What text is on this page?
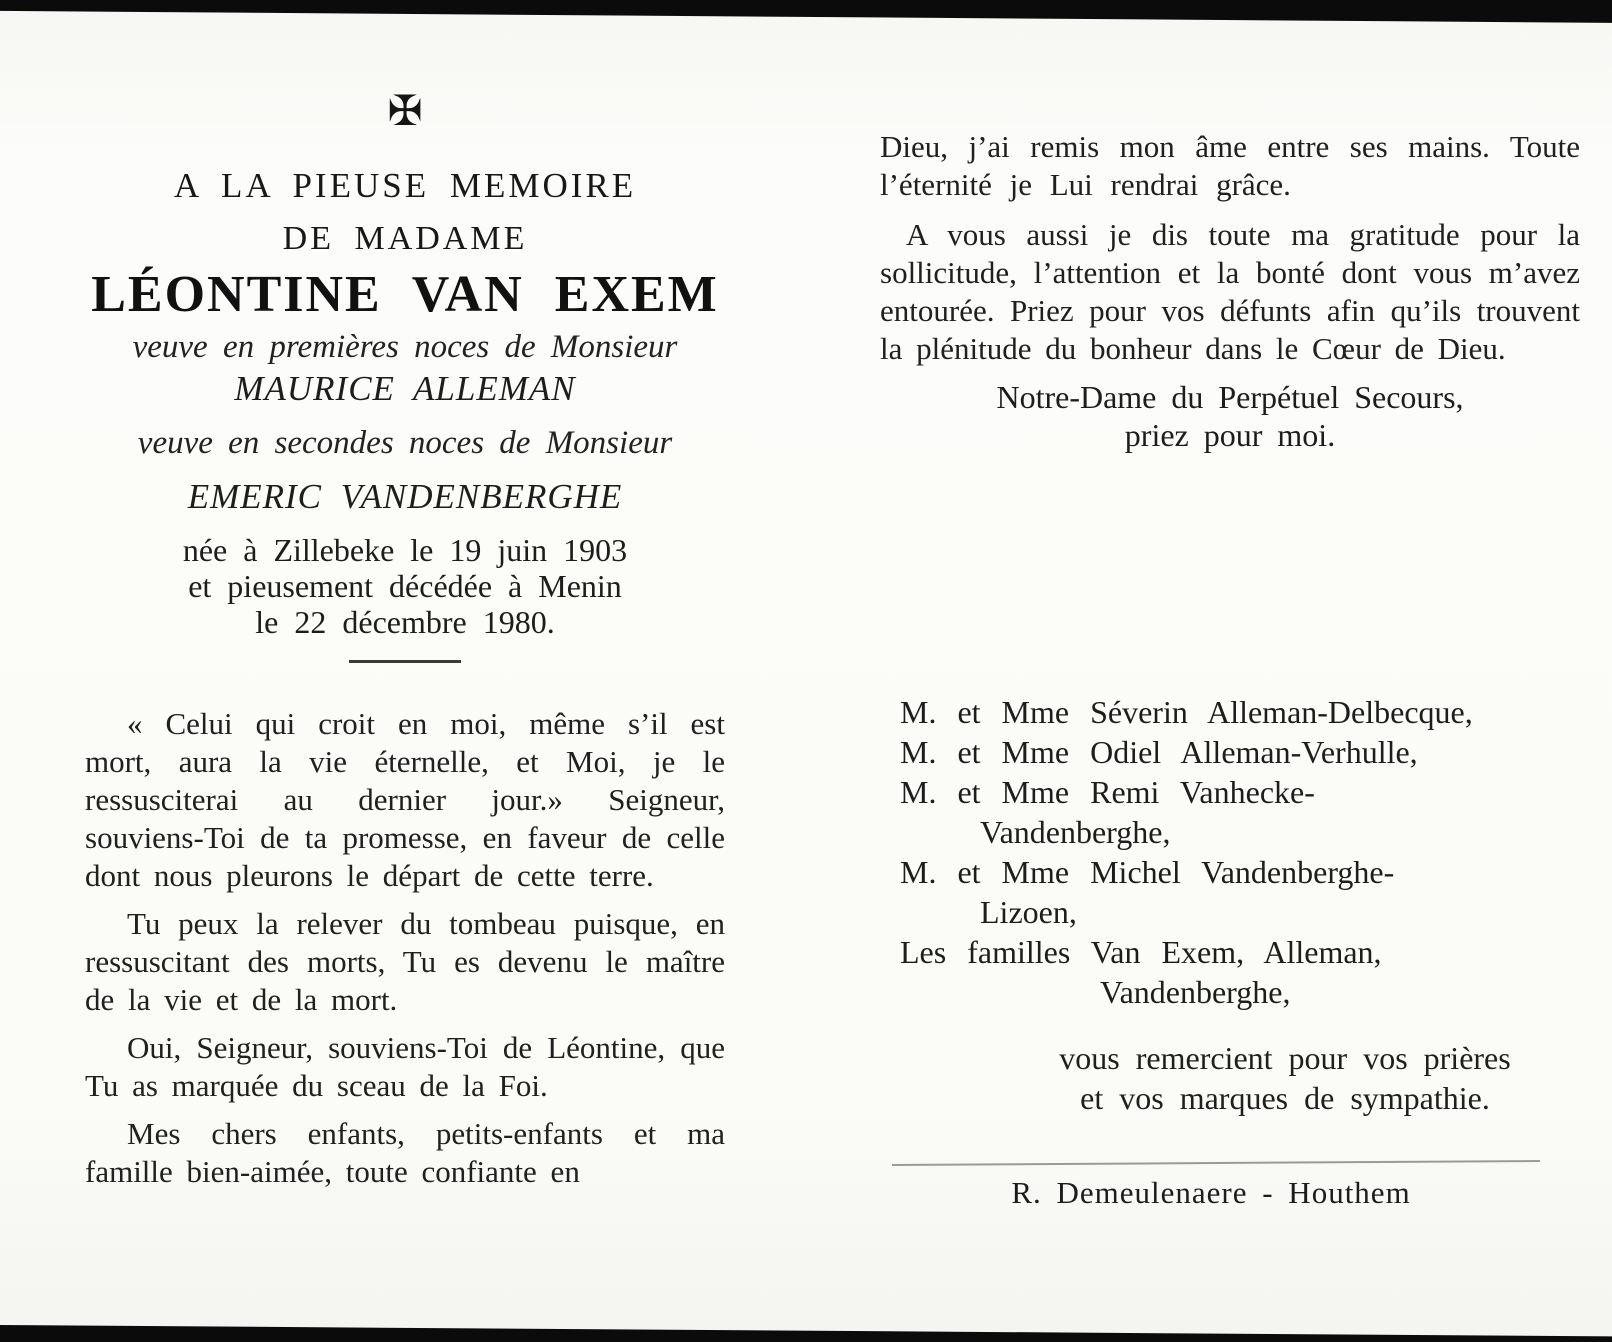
✠
A LA PIEUSE MEMOIRE
DE MADAME
LÉONTINE VAN EXEM
veuve en premières noces de Monsieur
MAURICE ALLEMAN
veuve en secondes noces de Monsieur
EMERIC VANDENBERGHE
née à Zillebeke le 19 juin 1903
et pieusement décédée à Menin
le 22 décembre 1980.

« Celui qui croit en moi, même s’il est mort, aura la vie éternelle, et Moi, je le ressusciterai au dernier jour.» Seigneur, souviens-Toi de ta promesse, en faveur de celle dont nous pleurons le départ de cette terre.

Tu peux la relever du tombeau puisque, en ressuscitant des morts, Tu es devenu le maître de la vie et de la mort.

Oui, Seigneur, souviens-Toi de Léontine, que Tu as marquée du sceau de la Foi.

Mes chers enfants, petits-enfants et ma famille bien-aimée, toute confiante en

Dieu, j’ai remis mon âme entre ses mains. Toute l’éternité je Lui rendrai grâce.

A vous aussi je dis toute ma gratitude pour la sollicitude, l’attention et la bonté dont vous m’avez entourée. Priez pour vos défunts afin qu’ils trouvent la plénitude du bonheur dans le Cœur de Dieu.

Notre-Dame du Perpétuel Secours,
priez pour moi.
M. et Mme Séverin Alleman-Delbecque,
M. et Mme Odiel Alleman-Verhulle,
M. et Mme Remi Vanhecke-
Vandenberghe,
M. et Mme Michel Vandenberghe-
Lizoen,
Les familles Van Exem, Alleman,
Vandenberghe,
vous remercient pour vos prières
et vos marques de sympathie.
R. Demeulenaere - Houthem
